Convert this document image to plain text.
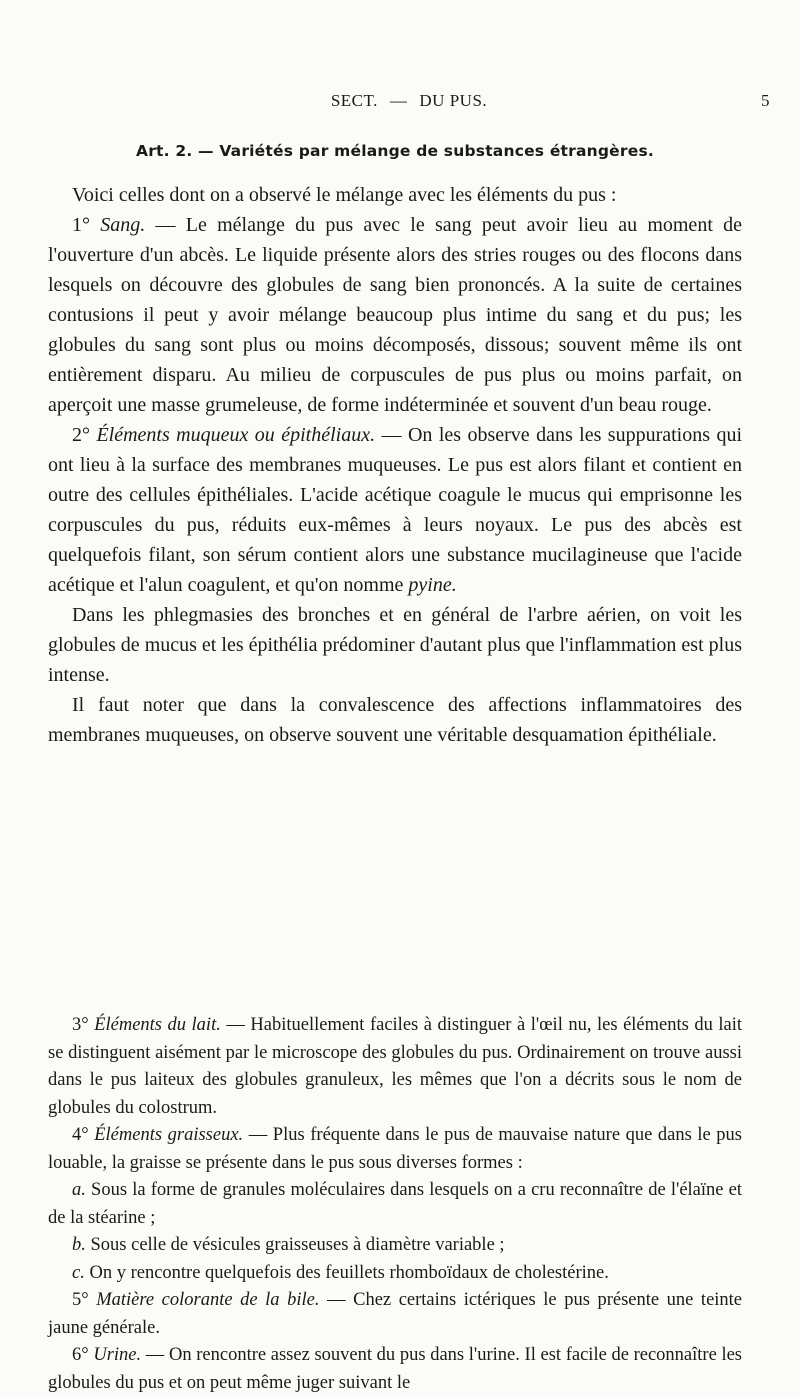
SECT. — DU PUS.	5
Art. 2. — Variétés par mélange de substances étrangères.

Voici celles dont on a observé le mélange avec les éléments du pus :

1° Sang. — Le mélange du pus avec le sang peut avoir lieu au moment de l'ouverture d'un abcès. Le liquide présente alors des stries rouges ou des flocons dans lesquels on découvre des globules de sang bien prononcés. A la suite de certaines contusions il peut y avoir mélange beaucoup plus intime du sang et du pus; les globules du sang sont plus ou moins décomposés, dissous; souvent même ils ont entièrement disparu. Au milieu de corpuscules de pus plus ou moins parfait, on aperçoit une masse grumeleuse, de forme indéterminée et souvent d'un beau rouge.

2° Éléments muqueux ou épithéliaux. — On les observe dans les suppurations qui ont lieu à la surface des membranes muqueuses. Le pus est alors filant et contient en outre des cellules épithéliales. L'acide acétique coagule le mucus qui emprisonne les corpuscules du pus, réduits eux-mêmes à leurs noyaux. Le pus des abcès est quelquefois filant, son sérum contient alors une substance mucilagineuse que l'acide acétique et l'alun coagulent, et qu'on nomme pyine.

Dans les phlegmasies des bronches et en général de l'arbre aérien, on voit les globules de mucus et les épithélia prédominer d'autant plus que l'inflammation est plus intense.

Il faut noter que dans la convalescence des affections inflammatoires des membranes muqueuses, on observe souvent une véritable desquamation épithéliale.

3° Éléments du lait. — Habituellement faciles à distinguer à l'œil nu, les éléments du lait se distinguent aisément par le microscope des globules du pus. Ordinairement on trouve aussi dans le pus laiteux des globules granuleux, les mêmes que l'on a décrits sous le nom de globules du colostrum.

4° Éléments graisseux. — Plus fréquente dans le pus de mauvaise nature que dans le pus louable, la graisse se présente dans le pus sous diverses formes :

a. Sous la forme de granules moléculaires dans lesquels on a cru reconnaître de l'élaïne et de la stéarine ;

b. Sous celle de vésicules graisseuses à diamètre variable ;

c. On y rencontre quelquefois des feuillets rhomboïdaux de cholestérine.

5° Matière colorante de la bile. — Chez certains ictériques le pus présente une teinte jaune générale.

6° Urine. — On rencontre assez souvent du pus dans l'urine. Il est facile de reconnaître les globules du pus et on peut même juger suivant le
